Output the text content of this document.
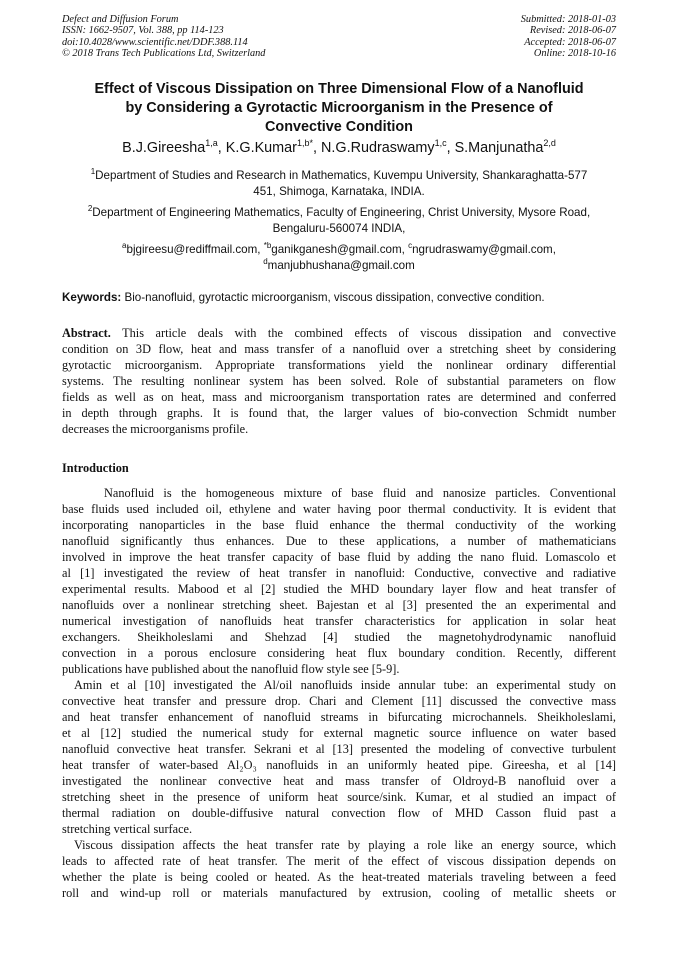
Defect and Diffusion Forum
ISSN: 1662-9507, Vol. 388, pp 114-123
doi:10.4028/www.scientific.net/DDF.388.114
© 2018 Trans Tech Publications Ltd, Switzerland
Submitted: 2018-01-03
Revised: 2018-06-07
Accepted: 2018-06-07
Online: 2018-10-16
Effect of Viscous Dissipation on Three Dimensional Flow of a Nanofluid
by Considering a Gyrotactic Microorganism in the Presence of
Convective Condition
B.J.Gireesha$^{1,a}$, K.G.Kumar$^{1,b*}$, N.G.Rudraswamy$^{1,c}$, S.Manjunatha$^{2,d}$
$^1$Department of Studies and Research in Mathematics, Kuvempu University, Shankaraghatta-577
451, Shimoga, Karnataka, INDIA.
$^2$Department of Engineering Mathematics, Faculty of Engineering, Christ University, Mysore Road,
Bengaluru-560074 INDIA,
$^a$bjgireesu@rediffmail.com, $^{*b}$ganikganesh@gmail.com, $^c$ngrudraswamy@gmail.com,
$^d$manjubhushana@gmail.com
Keywords: Bio-nanofluid, gyrotactic microorganism, viscous dissipation, convective condition.
Abstract. This article deals with the combined effects of viscous dissipation and convective
condition on 3D flow, heat and mass transfer of a nanofluid over a stretching sheet by considering
gyrotactic microorganism. Appropriate transformations yield the nonlinear ordinary differential
systems. The resulting nonlinear system has been solved. Role of substantial parameters on flow
fields as well as on heat, mass and microorganism transportation rates are determined and conferred
in depth through graphs. It is found that, the larger values of bio-convection Schmidt number
decreases the microorganisms profile.
Introduction
Nanofluid is the homogeneous mixture of base fluid and nanosize particles. Conventional
base fluids used included oil, ethylene and water having poor thermal conductivity. It is evident that
incorporating nanoparticles in the base fluid enhance the thermal conductivity of the working
nanofluid significantly thus enhances. Due to these applications, a number of mathematicians
involved in improve the heat transfer capacity of base fluid by adding the nano fluid. Lomascolo et
al [1] investigated the review of heat transfer in nanofluid: Conductive, convective and radiative
experimental results. Mabood et al [2] studied the MHD boundary layer flow and heat transfer of
nanofluids over a nonlinear stretching sheet. Bajestan et al [3] presented the an experimental and
numerical investigation of nanofluids heat transfer characteristics for application in solar heat
exchangers. Sheikholeslami and Shehzad [4] studied the magnetohydrodynamic nanofluid
convection in a porous enclosure considering heat flux boundary condition. Recently, different
publications have published about the nanofluid flow style see [5-9].
Amin et al [10] investigated the Al/oil nanofluids inside annular tube: an experimental study on
convective heat transfer and pressure drop. Chari and Clement [11] discussed the convective mass
and heat transfer enhancement of nanofluid streams in bifurcating microchannels. Sheikholeslami,
et al [12] studied the numerical study for external magnetic source influence on water based
nanofluid convective heat transfer. Sekrani et al [13] presented the modeling of convective turbulent
heat transfer of water-based Al₂O₃ nanofluids in an uniformly heated pipe. Gireesha, et al [14]
investigated the nonlinear convective heat and mass transfer of Oldroyd-B nanofluid over a
stretching sheet in the presence of uniform heat source/sink. Kumar, et al studied an impact of
thermal radiation on double-diffusive natural convection flow of MHD Casson fluid past a
stretching vertical surface.
Viscous dissipation affects the heat transfer rate by playing a role like an energy source, which
leads to affected rate of heat transfer. The merit of the effect of viscous dissipation depends on
whether the plate is being cooled or heated. As the heat-treated materials traveling between a feed
roll and wind-up roll or materials manufactured by extrusion, cooling of metallic sheets or
